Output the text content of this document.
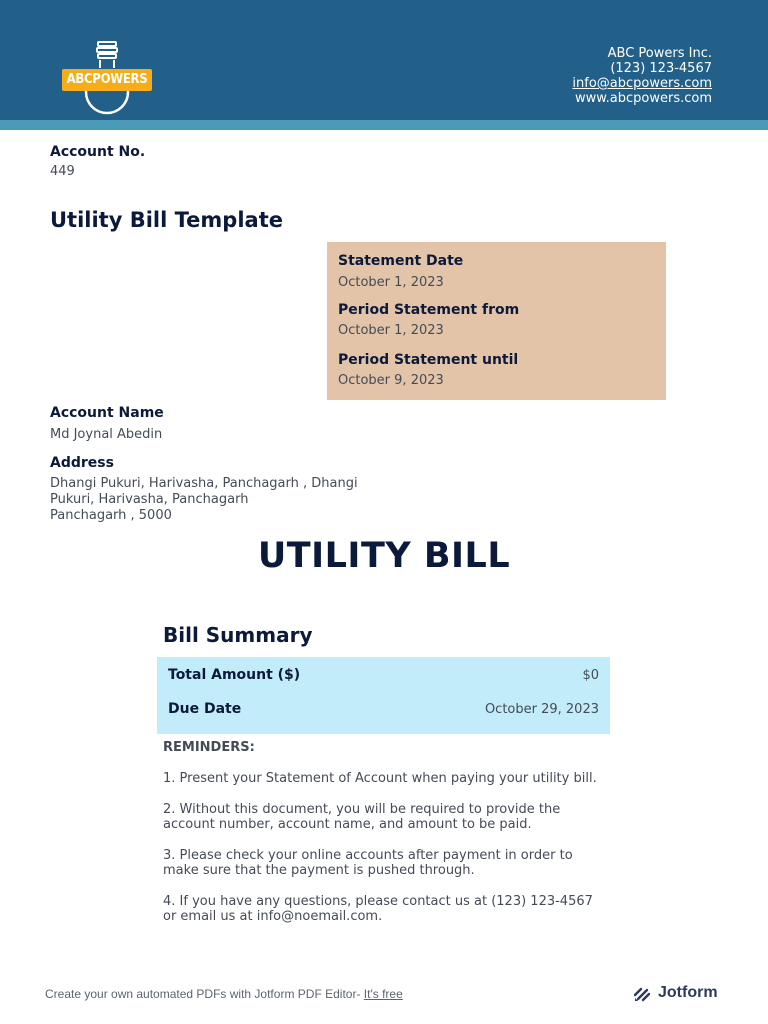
ABCPOWERS
ABC Powers Inc.
(123) 123-4567
info@abcpowers.com
www.abcpowers.com
Account No.
449
Utility Bill Template
Statement Date
October 1, 2023
Period Statement from
October 1, 2023
Period Statement until
October 9, 2023
Account Name
Md Joynal Abedin
Address
Dhangi Pukuri, Harivasha, Panchagarh , Dhangi
Pukuri, Harivasha, Panchagarh
Panchagarh , 5000
UTILITY BILL
Bill Summary
Total Amount ($)	$0
Due Date	October 29, 2023
REMINDERS:

1. Present your Statement of Account when paying your utility bill.

2. Without this document, you will be required to provide the account number, account name, and amount to be paid.

3. Please check your online accounts after payment in order to make sure that the payment is pushed through.

4. If you have any questions, please contact us at (123) 123-4567 or email us at info@noemail.com.

Create your own automated PDFs with Jotform PDF Editor- It's free	Jotform
